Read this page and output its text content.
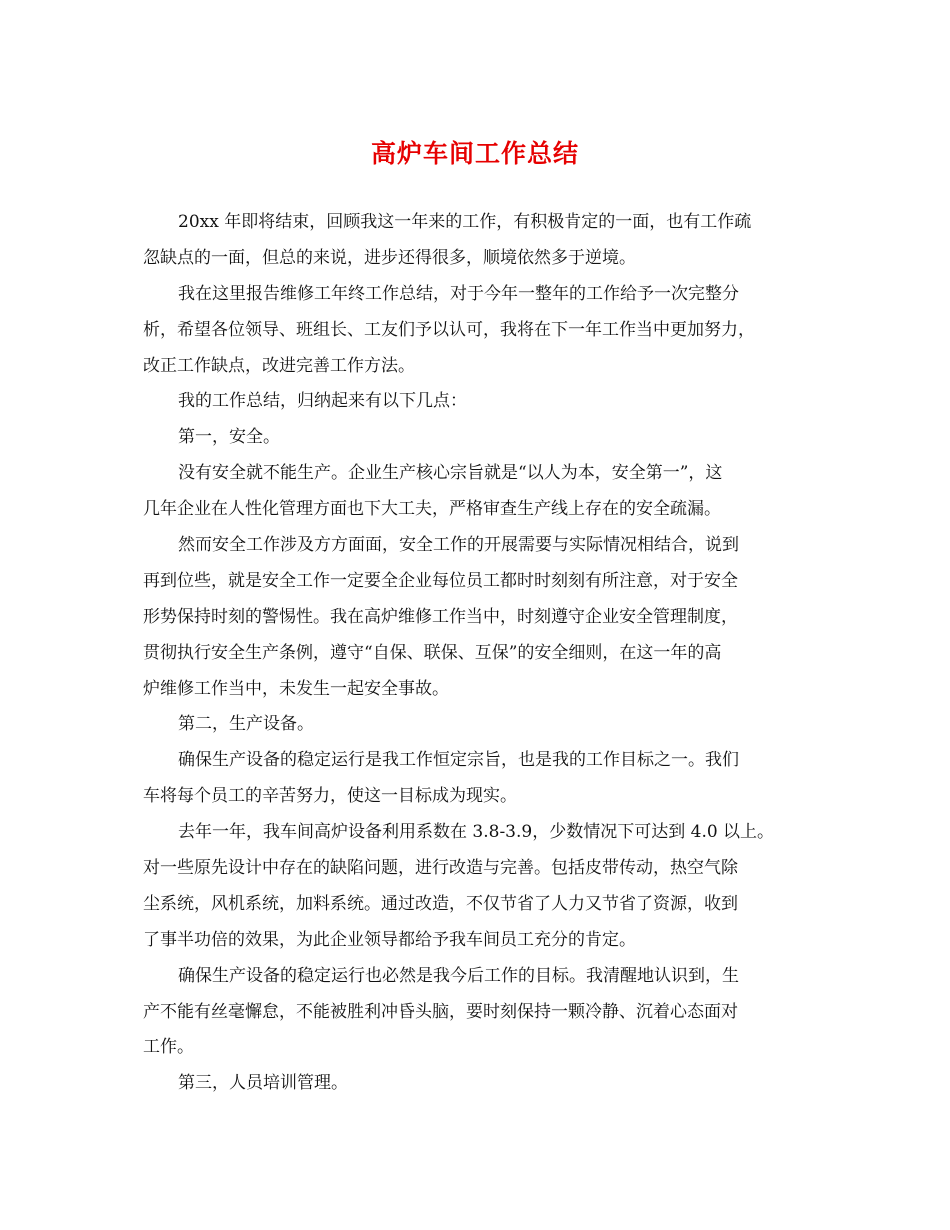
高炉车间工作总结

20xx 年即将结束，回顾我这一年来的工作，有积极肯定的一面，也有工作疏

忽缺点的一面，但总的来说，进步还得很多，顺境依然多于逆境。

我在这里报告维修工年终工作总结，对于今年一整年的工作给予一次完整分

析，希望各位领导、班组长、工友们予以认可，我将在下一年工作当中更加努力，

改正工作缺点，改进完善工作方法。

我的工作总结，归纳起来有以下几点：

第一，安全。

没有安全就不能生产。企业生产核心宗旨就是“以人为本，安全第一”，这

几年企业在人性化管理方面也下大工夫，严格审查生产线上存在的安全疏漏。

然而安全工作涉及方方面面，安全工作的开展需要与实际情况相结合，说到

再到位些，就是安全工作一定要全企业每位员工都时时刻刻有所注意，对于安全

形势保持时刻的警惕性。我在高炉维修工作当中，时刻遵守企业安全管理制度，

贯彻执行安全生产条例，遵守“自保、联保、互保”的安全细则，在这一年的高

炉维修工作当中，未发生一起安全事故。

第二，生产设备。

确保生产设备的稳定运行是我工作恒定宗旨，也是我的工作目标之一。我们

车将每个员工的辛苦努力，使这一目标成为现实。

去年一年，我车间高炉设备利用系数在 3.8-3.9，少数情况下可达到 4.0 以上。

对一些原先设计中存在的缺陷问题，进行改造与完善。包括皮带传动，热空气除

尘系统，风机系统，加料系统。通过改造，不仅节省了人力又节省了资源，收到

了事半功倍的效果，为此企业领导都给予我车间员工充分的肯定。

确保生产设备的稳定运行也必然是我今后工作的目标。我清醒地认识到，生

产不能有丝毫懈怠，不能被胜利冲昏头脑，要时刻保持一颗冷静、沉着心态面对

工作。

第三，人员培训管理。
